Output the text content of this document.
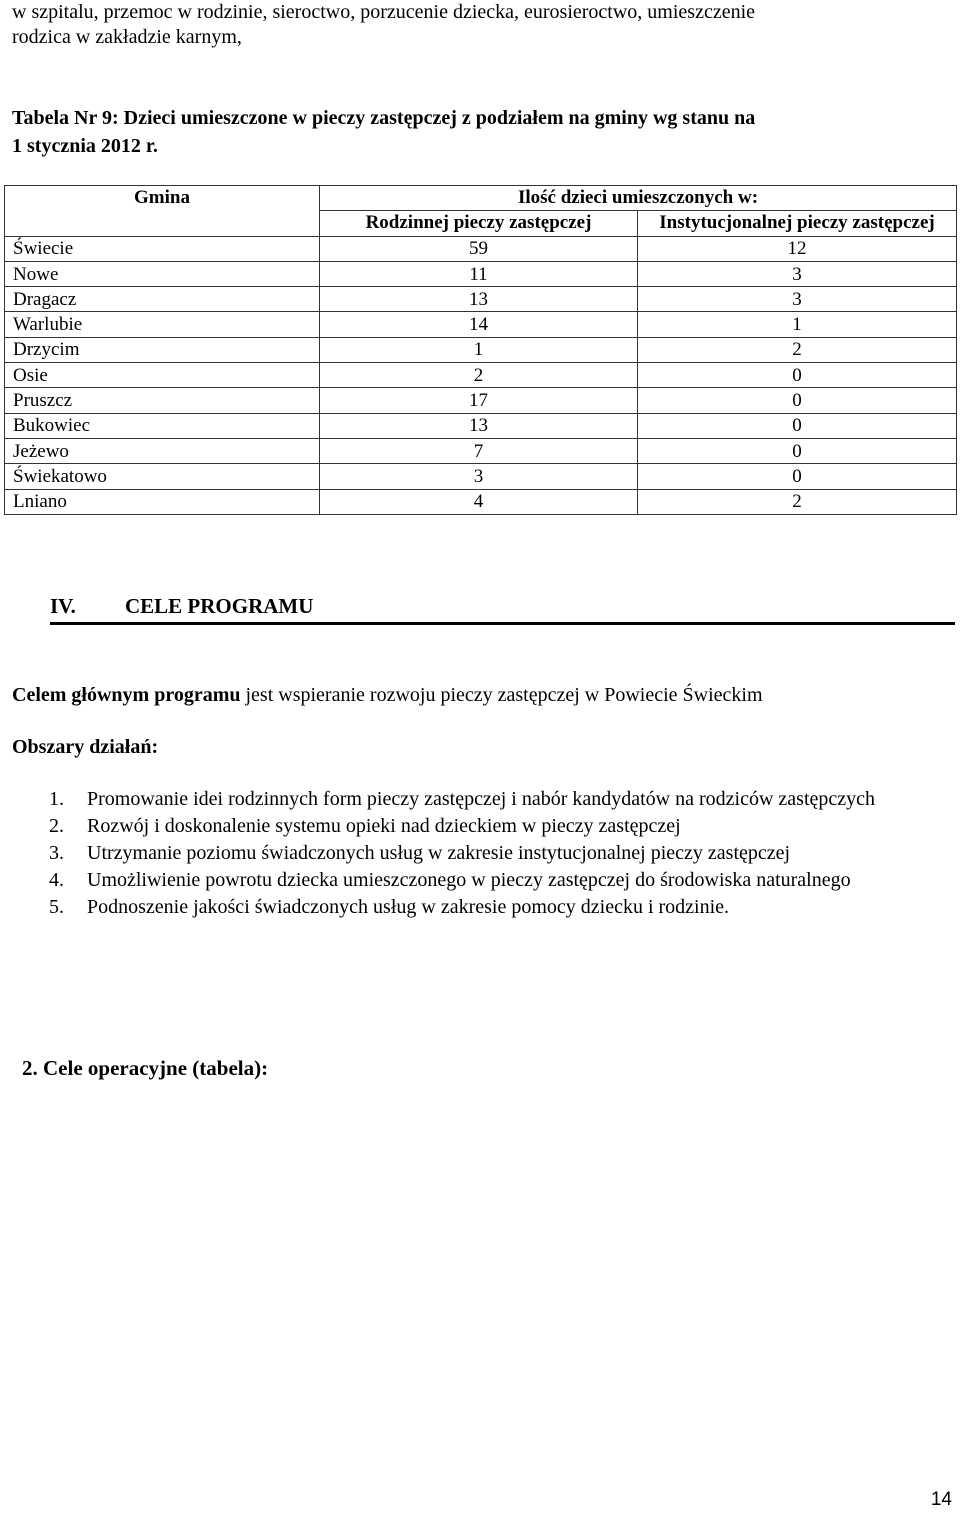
w szpitalu, przemoc w rodzinie, sieroctwo, porzucenie dziecka, eurosieroctwo, umieszczenie
rodzica w zakładzie karnym,
Tabela Nr 9: Dzieci umieszczone w pieczy zastępczej z podziałem na gminy wg stanu na
1 stycznia 2012 r.
Gmina	Ilość dzieci umieszczonych w:	
	Rodzinnej pieczy zastępczej	Instytucjonalnej pieczy zastępczej
Świecie	59	12
Nowe	11	3
Dragacz	13	3
Warlubie	14	1
Drzycim	1	2
Osie	2	0
Pruszcz	17	0
Bukowiec	13	0
Jeżewo	7	0
Świekatowo	3	0
Lniano	4	2
IV. CELE PROGRAMU
Celem głównym programu jest wspieranie rozwoju pieczy zastępczej w Powiecie Świeckim
Obszary działań:
1. Promowanie idei rodzinnych form pieczy zastępczej i nabór kandydatów na rodziców zastępczych
2. Rozwój i doskonalenie systemu opieki nad dzieckiem w pieczy zastępczej
3. Utrzymanie poziomu świadczonych usług w zakresie instytucjonalnej pieczy zastępczej
4. Umożliwienie powrotu dziecka umieszczonego w pieczy zastępczej do środowiska naturalnego
5. Podnoszenie jakości świadczonych usług w zakresie pomocy dziecku i rodzinie.
2. Cele operacyjne (tabela):
14
